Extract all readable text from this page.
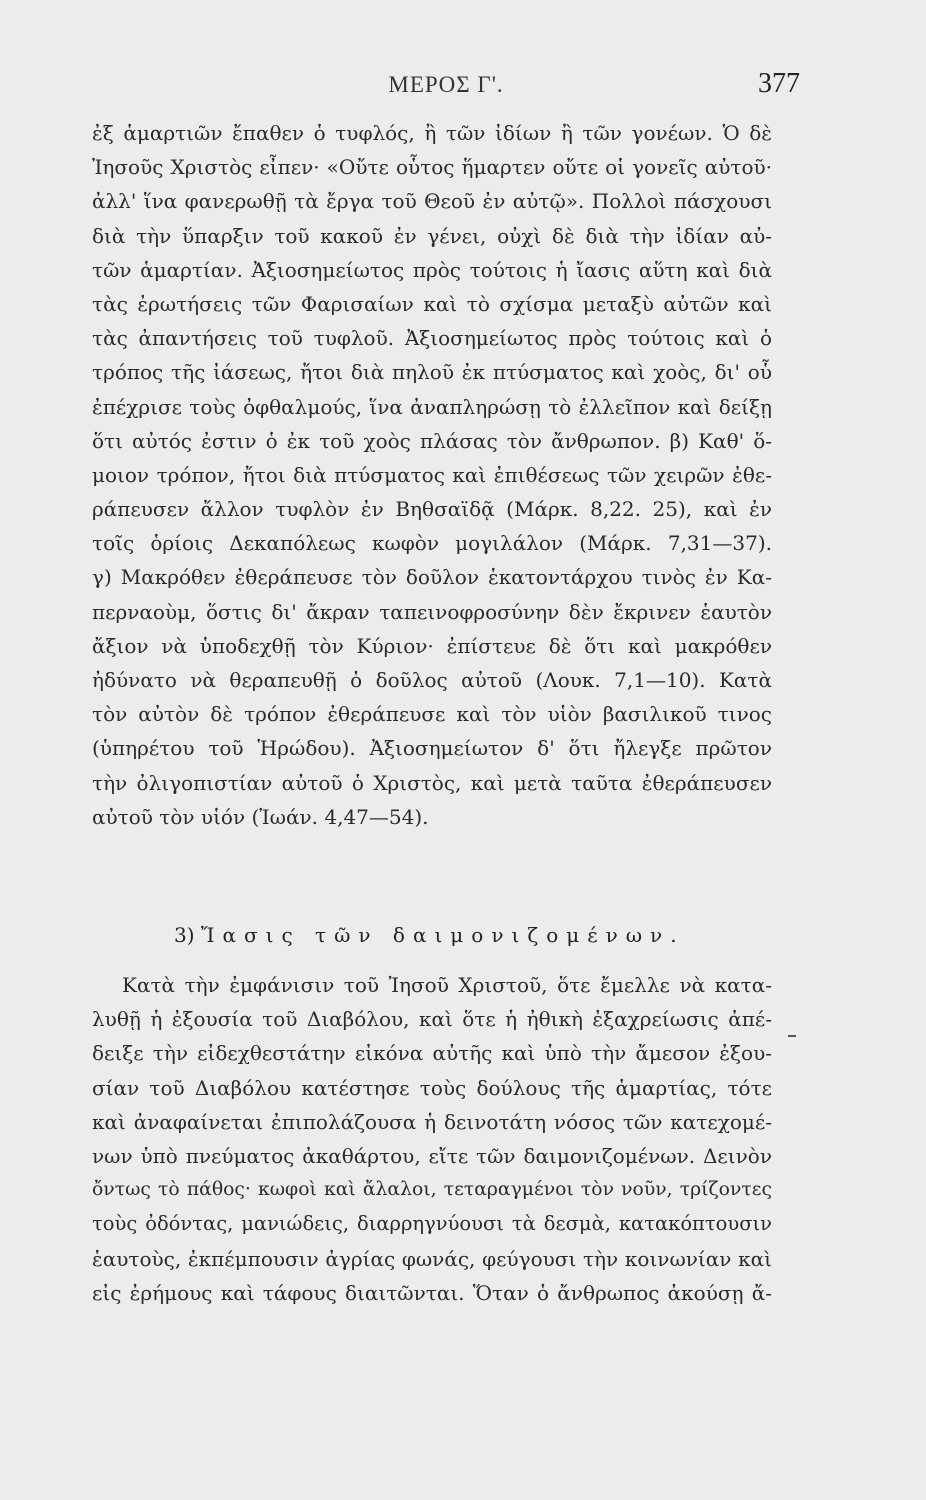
ΜΕΡΟΣ Γ'.	377
ἐξ ἁμαρτιῶν ἔπαθεν ὁ τυφλός, ἢ τῶν ἰδίων ἢ τῶν γονέων. Ὁ δὲ
Ἰησοῦς Χριστὸς εἶπεν· «Οὔτε οὗτος ἥμαρτεν οὔτε οἱ γονεῖς αὐτοῦ·
ἀλλ' ἵνα φανερωθῇ τὰ ἔργα τοῦ Θεοῦ ἐν αὐτῷ». Πολλοὶ πάσχουσι
διὰ τὴν ὕπαρξιν τοῦ κακοῦ ἐν γένει, οὐχὶ δὲ διὰ τὴν ἰδίαν αὐ-
τῶν ἁμαρτίαν. Ἀξιοσημείωτος πρὸς τούτοις ἡ ἴασις αὕτη καὶ διὰ
τὰς ἐρωτήσεις τῶν Φαρισαίων καὶ τὸ σχίσμα μεταξὺ αὐτῶν καὶ
τὰς ἀπαντήσεις τοῦ τυφλοῦ. Ἀξιοσημείωτος πρὸς τούτοις καὶ ὁ
τρόπος τῆς ἰάσεως, ἤτοι διὰ πηλοῦ ἐκ πτύσματος καὶ χοὸς, δι' οὗ
ἐπέχρισε τοὺς ὀφθαλμούς, ἵνα ἀναπληρώσῃ τὸ ἐλλεῖπον καὶ δείξῃ
ὅτι αὐτός ἐστιν ὁ ἐκ τοῦ χοὸς πλάσας τὸν ἄνθρωπον. β) Καθ' ὅ-
μοιον τρόπον, ἤτοι διὰ πτύσματος καὶ ἐπιθέσεως τῶν χειρῶν ἐθε-
ράπευσεν ἄλλον τυφλὸν ἐν Βηθσαϊδᾷ (Μάρκ. 8,22. 25), καὶ ἐν
τοῖς ὁρίοις Δεκαπόλεως κωφὸν μογιλάλον (Μάρκ. 7,31—37).
γ) Μακρόθεν ἐθεράπευσε τὸν δοῦλον ἑκατοντάρχου τινὸς ἐν Κα-
περναοὺμ, ὅστις δι' ἄκραν ταπεινοφροσύνην δὲν ἔκρινεν ἑαυτὸν
ἄξιον νὰ ὑποδεχθῇ τὸν Κύριον· ἐπίστευε δὲ ὅτι καὶ μακρόθεν
ἠδύνατο νὰ θεραπευθῇ ὁ δοῦλος αὐτοῦ (Λουκ. 7,1—10). Κατὰ
τὸν αὐτὸν δὲ τρόπον ἐθεράπευσε καὶ τὸν υἱὸν βασιλικοῦ τινος
(ὑπηρέτου τοῦ Ἡρώδου). Ἀξιοσημείωτον δ' ὅτι ἤλεγξε πρῶτον
τὴν ὀλιγοπιστίαν αὐτοῦ ὁ Χριστὸς, καὶ μετὰ ταῦτα ἐθεράπευσεν
αὐτοῦ τὸν υἱόν (Ἰωάν. 4,47—54).
3) Ἴασις τῶν δαιμονιζομένων.
Κατὰ τὴν ἐμφάνισιν τοῦ Ἰησοῦ Χριστοῦ, ὅτε ἔμελλε νὰ κατα-
λυθῇ ἡ ἐξουσία τοῦ Διαβόλου, καὶ ὅτε ἡ ἠθικὴ ἐξαχρείωσις ἀπέ-
δειξε τὴν εἰδεχθεστάτην εἰκόνα αὐτῆς καὶ ὑπὸ τὴν ἄμεσον ἐξου-
σίαν τοῦ Διαβόλου κατέστησε τοὺς δούλους τῆς ἁμαρτίας, τότε
καὶ ἀναφαίνεται ἐπιπολάζουσα ἡ δεινοτάτη νόσος τῶν κατεχομέ-
νων ὑπὸ πνεύματος ἀκαθάρτου, εἴτε τῶν δαιμονιζομένων. Δεινὸν
ὄντως τὸ πάθος· κωφοὶ καὶ ἄλαλοι, τεταραγμένοι τὸν νοῦν, τρίζοντες
τοὺς ὀδόντας, μανιώδεις, διαρρηγνύουσι τὰ δεσμὰ, κατακόπτουσιν
ἑαυτοὺς, ἐκπέμπουσιν ἀγρίας φωνάς, φεύγουσι τὴν κοινωνίαν καὶ
εἰς ἐρήμους καὶ τάφους διαιτῶνται. Ὅταν ὁ ἄνθρωπος ἀκούσῃ ἄ-
